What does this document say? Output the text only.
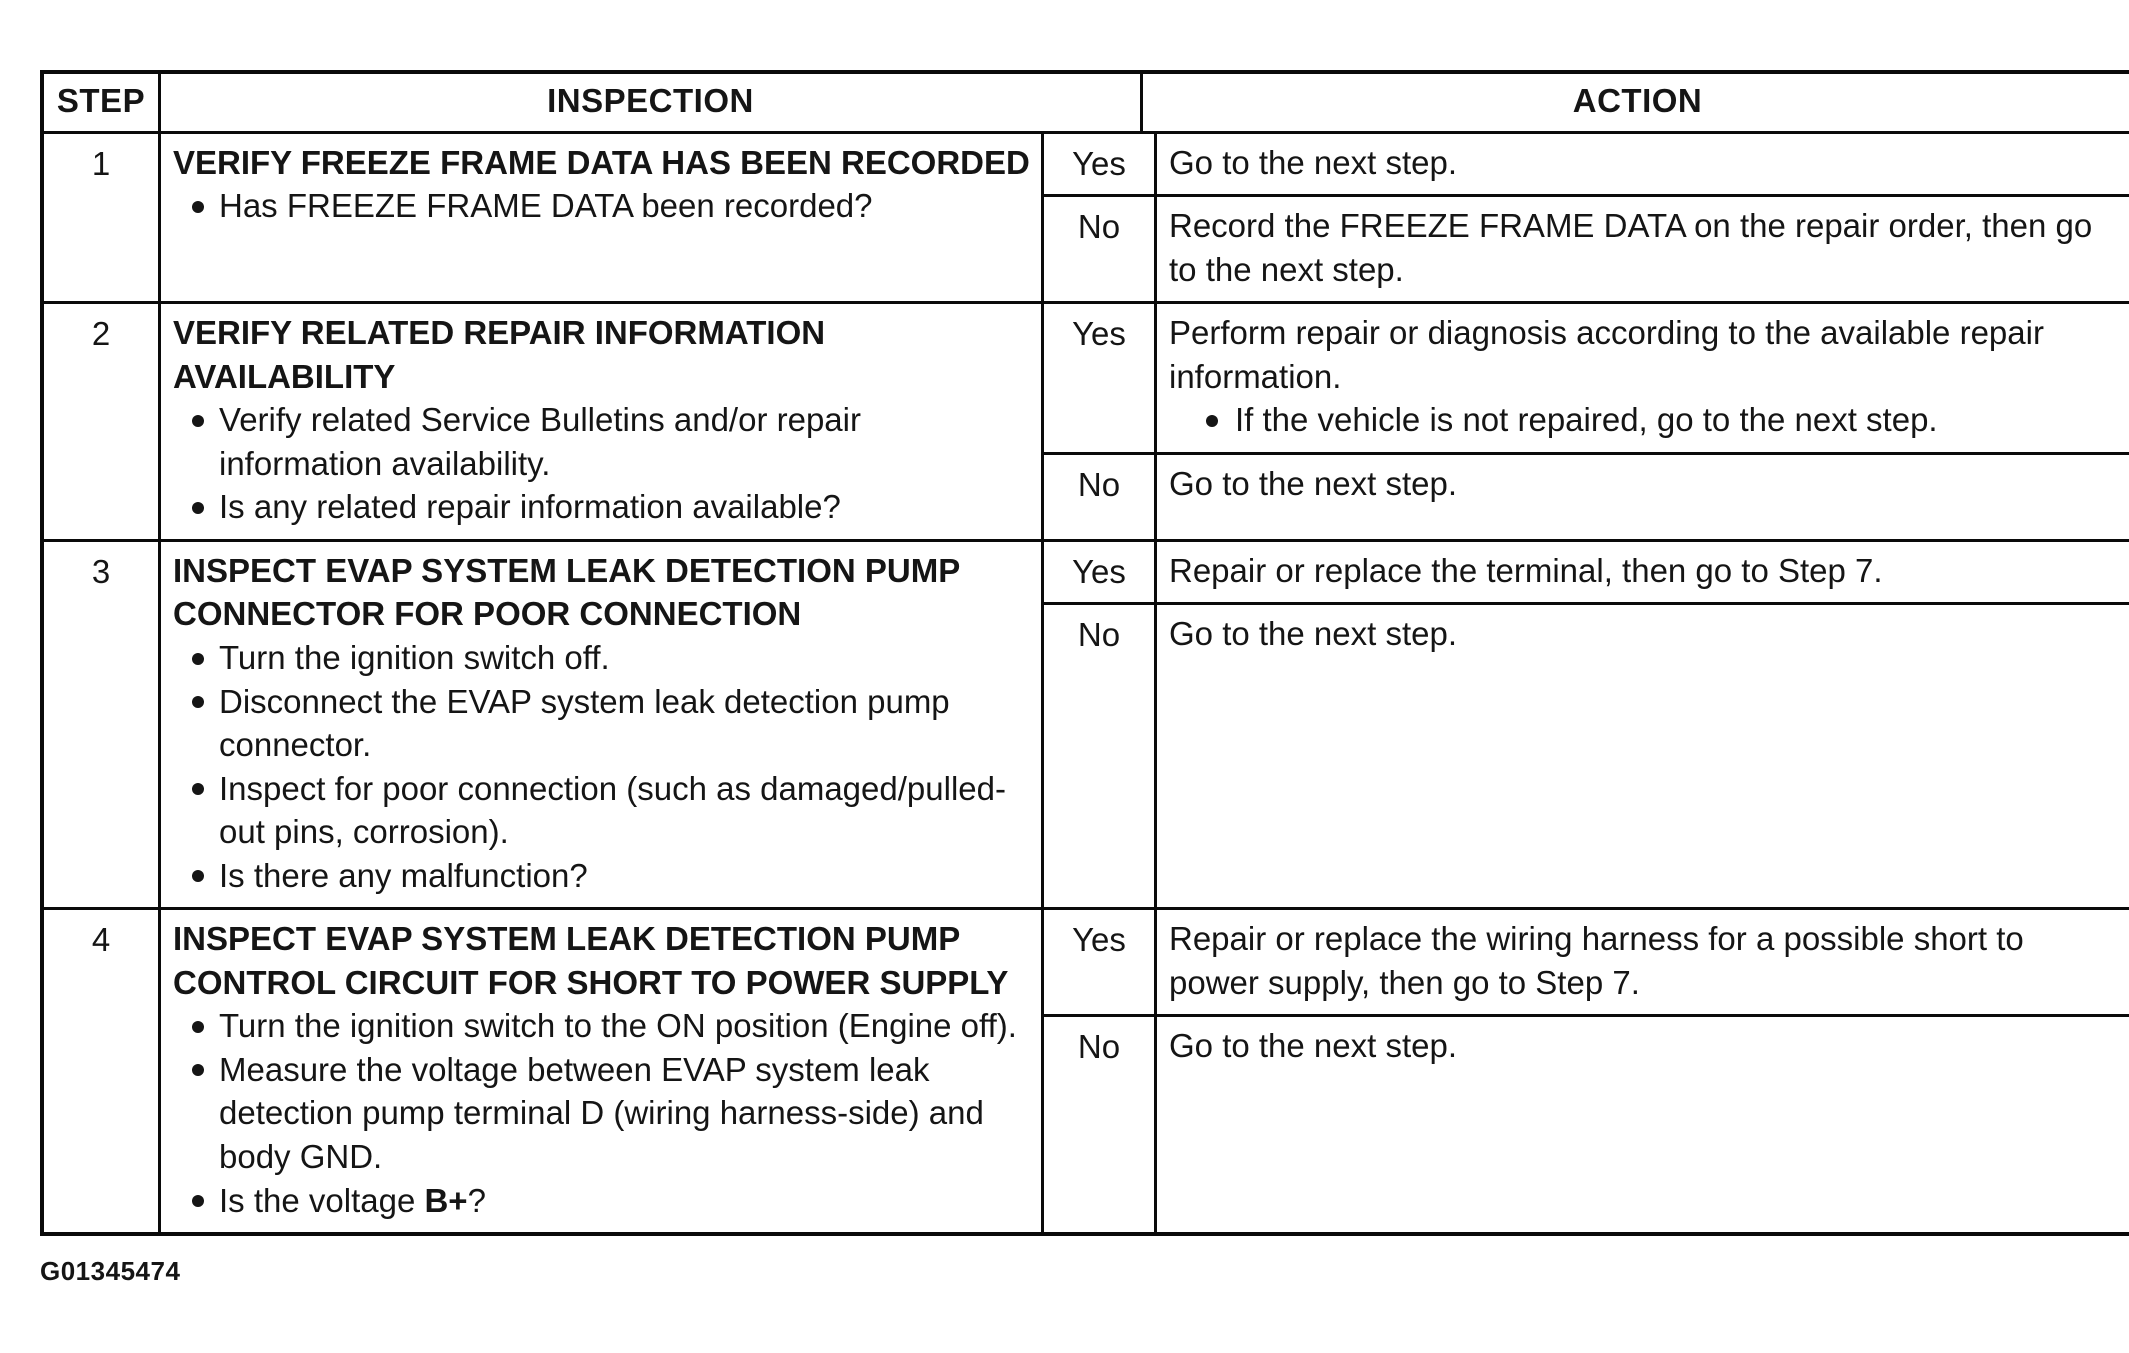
STEP	INSPECTION	ACTION
1	VERIFY FREEZE FRAME DATA HAS BEEN RECORDED
Has FREEZE FRAME DATA been recorded?
Yes	Go to the next step.
No	Record the FREEZE FRAME DATA on the repair order, then go to the next step.
2	VERIFY RELATED REPAIR INFORMATION AVAILABILITY
Verify related Service Bulletins and/or repair information availability.
Is any related repair information available?
Yes	Perform repair or diagnosis according to the available repair information.
If the vehicle is not repaired, go to the next step.
No	Go to the next step.
3	INSPECT EVAP SYSTEM LEAK DETECTION PUMP CONNECTOR FOR POOR CONNECTION
Turn the ignition switch off.
Disconnect the EVAP system leak detection pump connector.
Inspect for poor connection (such as damaged/pulled-out pins, corrosion).
Is there any malfunction?
Yes	Repair or replace the terminal, then go to Step 7.
No	Go to the next step.
4	INSPECT EVAP SYSTEM LEAK DETECTION PUMP CONTROL CIRCUIT FOR SHORT TO POWER SUPPLY
Turn the ignition switch to the ON position (Engine off).
Measure the voltage between EVAP system leak detection pump terminal D (wiring harness-side) and body GND.
Is the voltage B+?
Yes	Repair or replace the wiring harness for a possible short to power supply, then go to Step 7.
No	Go to the next step.
G01345474
